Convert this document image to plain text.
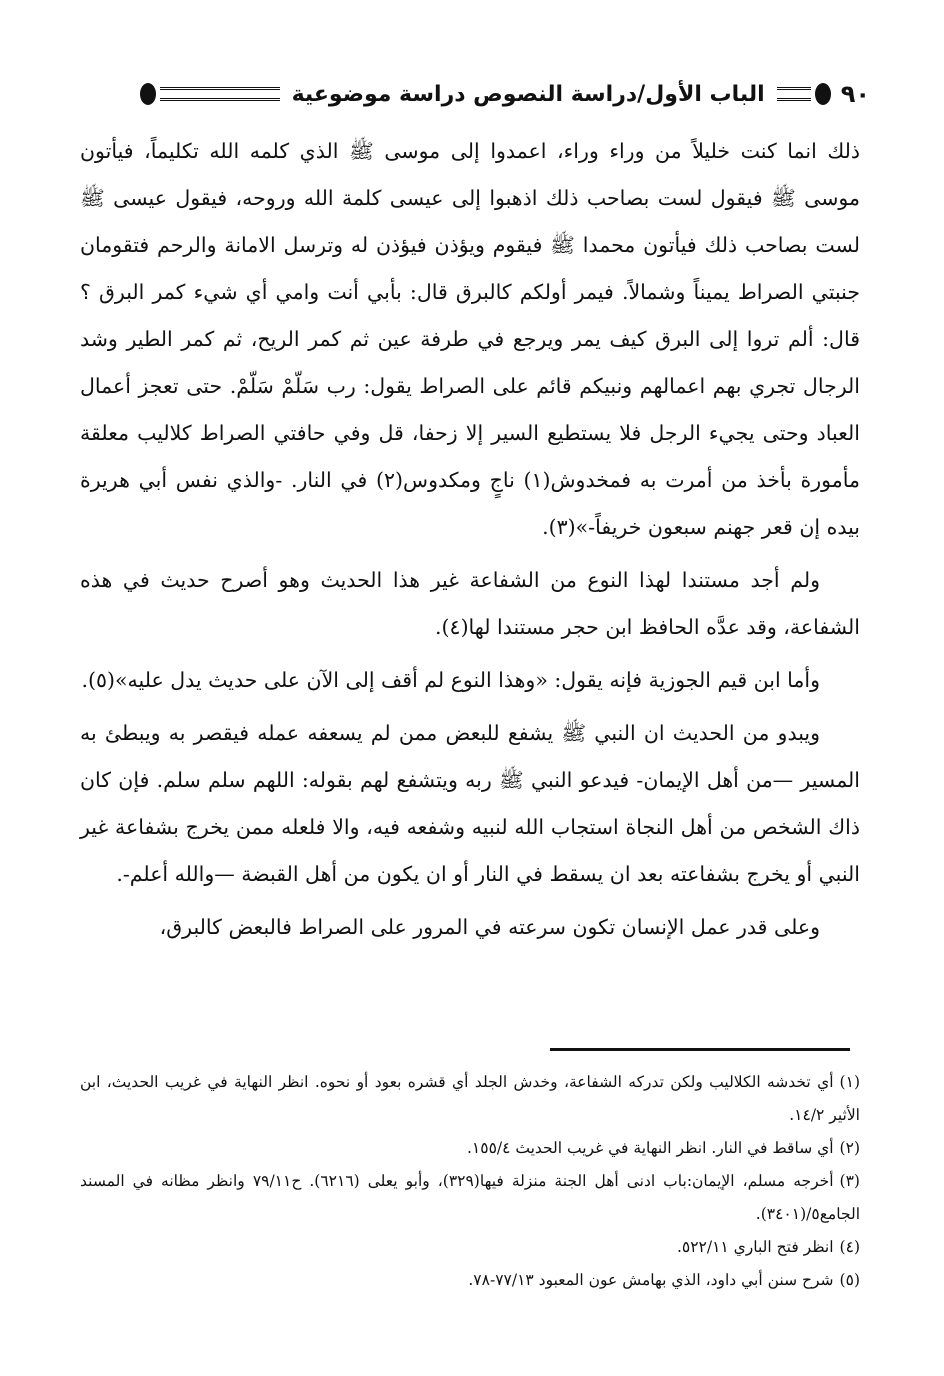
٩٠
الباب الأول/دراسة النصوص دراسة موضوعية

ذلك انما كنت خليلاً من وراء وراء، اعمدوا إلى موسى ﷺ الذي كلمه الله تكليماً، فيأتون موسى ﷺ فيقول لست بصاحب ذلك اذهبوا إلى عيسى كلمة الله وروحه، فيقول عيسى ﷺ لست بصاحب ذلك فيأتون محمدا ﷺ فيقوم ويؤذن فيؤذن له وترسل الامانة والرحم فتقومان جنبتي الصراط يميناً وشمالاً. فيمر أولكم كالبرق قال: بأبي أنت وامي أي شيء كمر البرق ؟ قال: ألم تروا إلى البرق كيف يمر ويرجع في طرفة عين ثم كمر الريح، ثم كمر الطير وشد الرجال تجري بهم اعمالهم ونبيكم قائم على الصراط يقول: رب سَلّمْ سَلّمْ. حتى تعجز أعمال العباد وحتى يجيء الرجل فلا يستطيع السير إلا زحفا، قل وفي حافتي الصراط كلاليب معلقة مأمورة بأخذ من أمرت به فمخدوش(١) ناجٍ ومكدوس(٢) في النار. -والذي نفس أبي هريرة بيده إن قعر جهنم سبعون خريفاً-»(٣).

ولم أجد مستندا لهذا النوع من الشفاعة غير هذا الحديث وهو أصرح حديث في هذه الشفاعة، وقد عدَّه الحافظ ابن حجر مستندا لها(٤).

وأما ابن قيم الجوزية فإنه يقول: «وهذا النوع لم أقف إلى الآن على حديث يدل عليه»(٥).

ويبدو من الحديث ان النبي ﷺ يشفع للبعض ممن لم يسعفه عمله فيقصر به ويبطئ به المسير —من أهل الإيمان- فيدعو النبي ﷺ ربه ويتشفع لهم بقوله: اللهم سلم سلم. فإن كان ذاك الشخص من أهل النجاة استجاب الله لنبيه وشفعه فيه، والا فلعله ممن يخرج بشفاعة غير النبي أو يخرج بشفاعته بعد ان يسقط في النار أو ان يكون من أهل القبضة —والله أعلم-.

وعلى قدر عمل الإنسان تكون سرعته في المرور على الصراط فالبعض كالبرق،

(١)أي تخدشه الكلاليب ولكن تدركه الشفاعة، وخدش الجلد أي قشره بعود أو نحوه. انظر النهاية في غريب الحديث، ابن الأثير ١٤/٢.

(٢)أي ساقط في النار. انظر النهاية في غريب الحديث ١٥٥/٤.

(٣)أخرجه مسلم، الإيمان:باب ادنى أهل الجنة منزلة فيها(٣٢٩)، وأبو يعلى (٦٢١٦). ح٧٩/١١ وانظر مظانه في المسند الجامع٥/(٣٤٠١).

(٤)انظر فتح الباري ٥٢٢/١١.

(٥)شرح سنن أبي داود، الذي بهامش عون المعبود ٧٧/١٣-٧٨.
